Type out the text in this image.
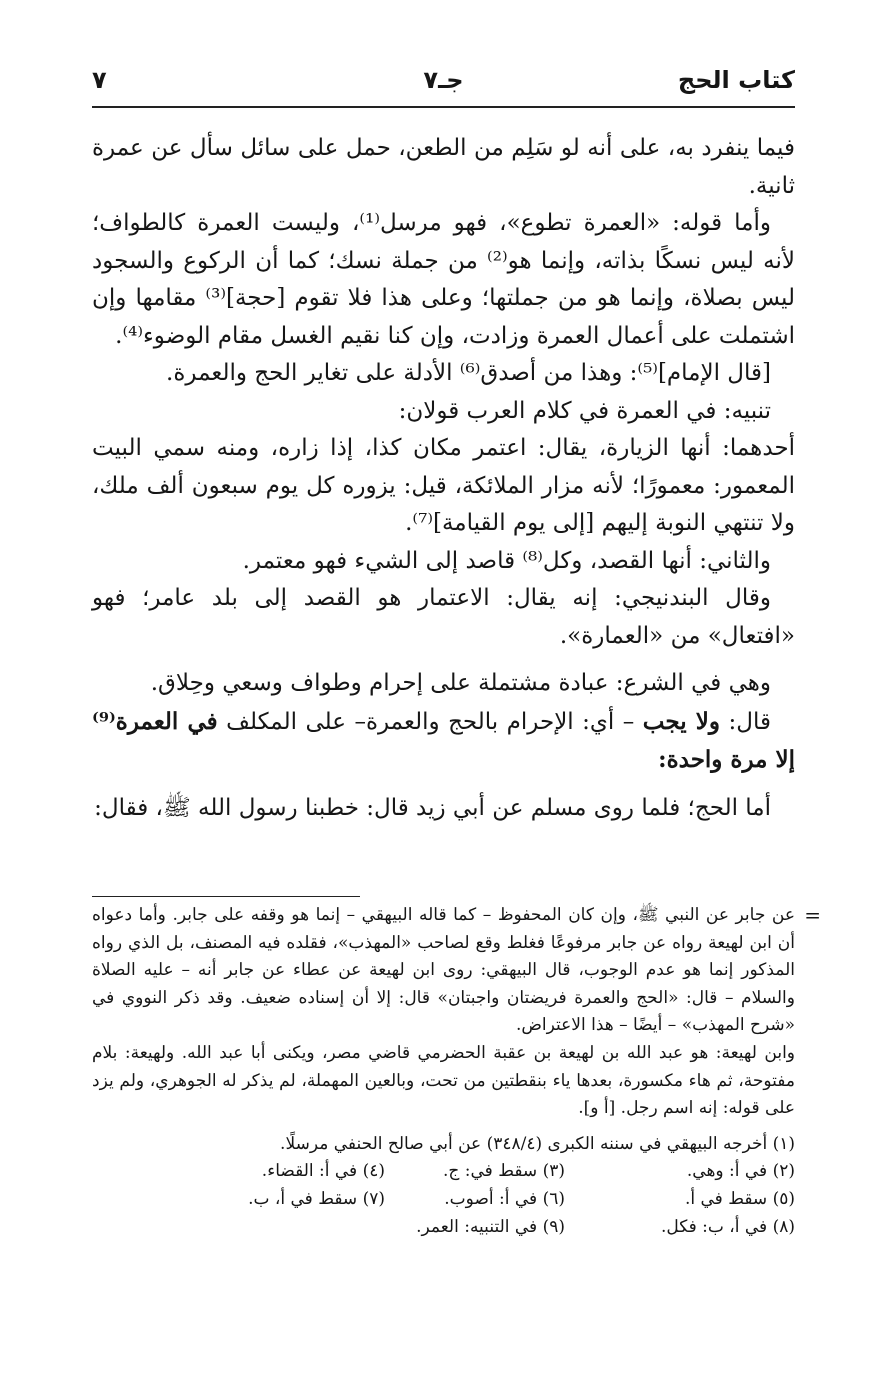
كتاب الحج
جـ٧
٧

فيما ينفرد به، على أنه لو سَلِم من الطعن، حمل على سائل سأل عن عمرة ثانية.

وأما قوله: «العمرة تطوع»، فهو مرسل⁽¹⁾، وليست العمرة كالطواف؛ لأنه ليس نسكًا بذاته، وإنما هو⁽²⁾ من جملة نسك؛ كما أن الركوع والسجود ليس بصلاة، وإنما هو من جملتها؛ وعلى هذا فلا تقوم [حجة]⁽³⁾ مقامها وإن اشتملت على أعمال العمرة وزادت، وإن كنا نقيم الغسل مقام الوضوء⁽⁴⁾.

[قال الإمام]⁽⁵⁾: وهذا من أصدق⁽⁶⁾ الأدلة على تغاير الحج والعمرة.

تنبيه: في العمرة في كلام العرب قولان:

أحدهما: أنها الزيارة، يقال: اعتمر مكان كذا، إذا زاره، ومنه سمي البيت المعمور: معمورًا؛ لأنه مزار الملائكة، قيل: يزوره كل يوم سبعون ألف ملك، ولا تنتهي النوبة إليهم [إلى يوم القيامة]⁽⁷⁾.

والثاني: أنها القصد، وكل⁽⁸⁾ قاصد إلى الشيء فهو معتمر.

وقال البندنيجي: إنه يقال: الاعتمار هو القصد إلى بلد عامر؛ فهو «افتعال» من «العمارة».

وهي في الشرع: عبادة مشتملة على إحرام وطواف وسعي وحِلاق.

قال: ولا يجب – أي: الإحرام بالحج والعمرة– على المكلف في العمرة⁽⁹⁾ إلا مرة واحدة:

أما الحج؛ فلما روى مسلم عن أبي زيد قال: خطبنا رسول الله ﷺ، فقال:

=

عن جابر عن النبي ﷺ، وإن كان المحفوظ – كما قاله البيهقي – إنما هو وقفه على جابر. وأما دعواه أن ابن لهيعة رواه عن جابر مرفوعًا فغلط وقع لصاحب «المهذب»، فقلده فيه المصنف، بل الذي رواه المذكور إنما هو عدم الوجوب، قال البيهقي: روى ابن لهيعة عن عطاء عن جابر أنه – عليه الصلاة والسلام – قال: «الحج والعمرة فريضتان واجبتان» قال: إلا أن إسناده ضعيف. وقد ذكر النووي في «شرح المهذب» – أيضًا – هذا الاعتراض.

وابن لهيعة: هو عبد الله بن لهيعة بن عقبة الحضرمي قاضي مصر، ويكنى أبا عبد الله. ولهيعة: بلام مفتوحة، ثم هاء مكسورة، بعدها ياء بنقطتين من تحت، وبالعين المهملة، لم يذكر له الجوهري، ولم يزد على قوله: إنه اسم رجل. [أ و].

(١) أخرجه البيهقي في سننه الكبرى (٣٤٨/٤) عن أبي صالح الحنفي مرسلًا.

(٢) في أ: وهي.
(٣) سقط في: ج.
(٤) في أ: القضاء.
(٥) سقط في أ.
(٦) في أ: أصوب.
(٧) سقط في أ، ب.
(٨) في أ، ب: فكل.
(٩) في التنبيه: العمر.
